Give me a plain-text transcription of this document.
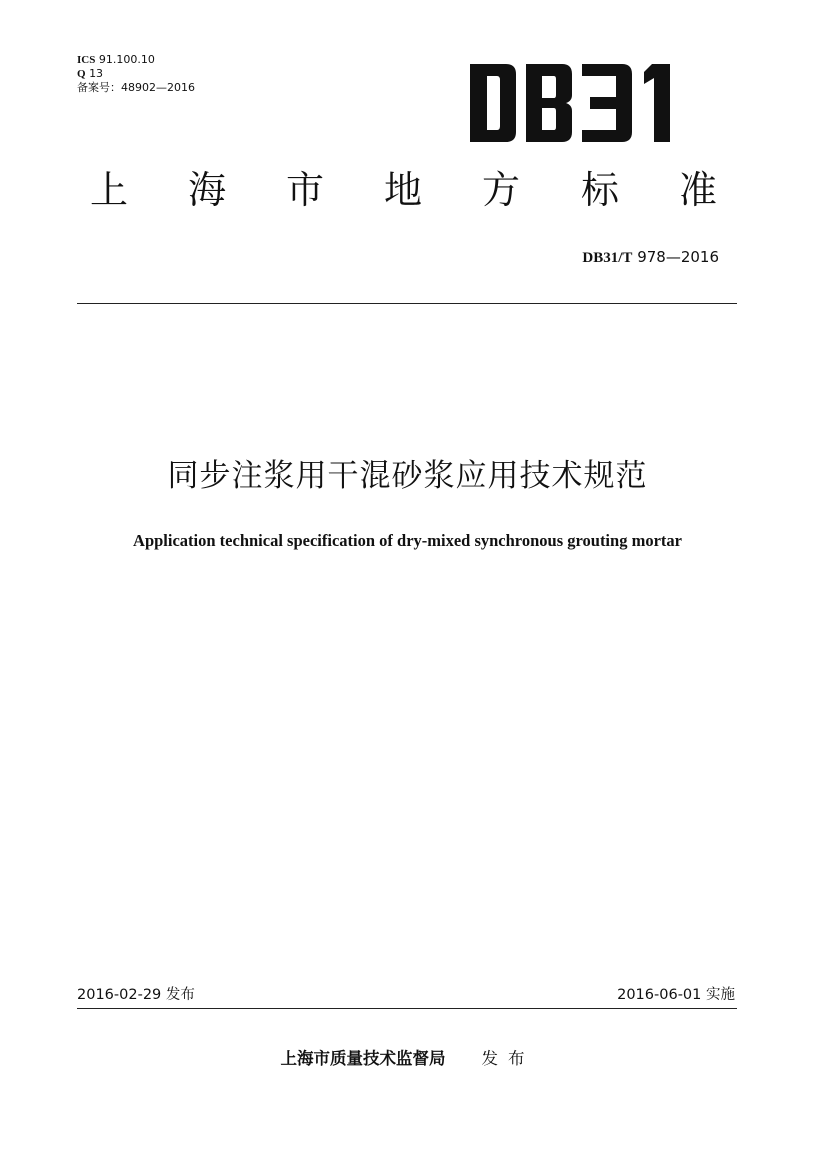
ICS 91.100.10
Q 13
备案号：48902—2016
上 海 市 地 方 标 准
DB31/T 978—2016
同步注浆用干混砂浆应用技术规范
Application technical specification of dry-mixed synchronous grouting mortar
2016-02-29 发布	2016-06-01 实施
上海市质量技术监督局 发布
